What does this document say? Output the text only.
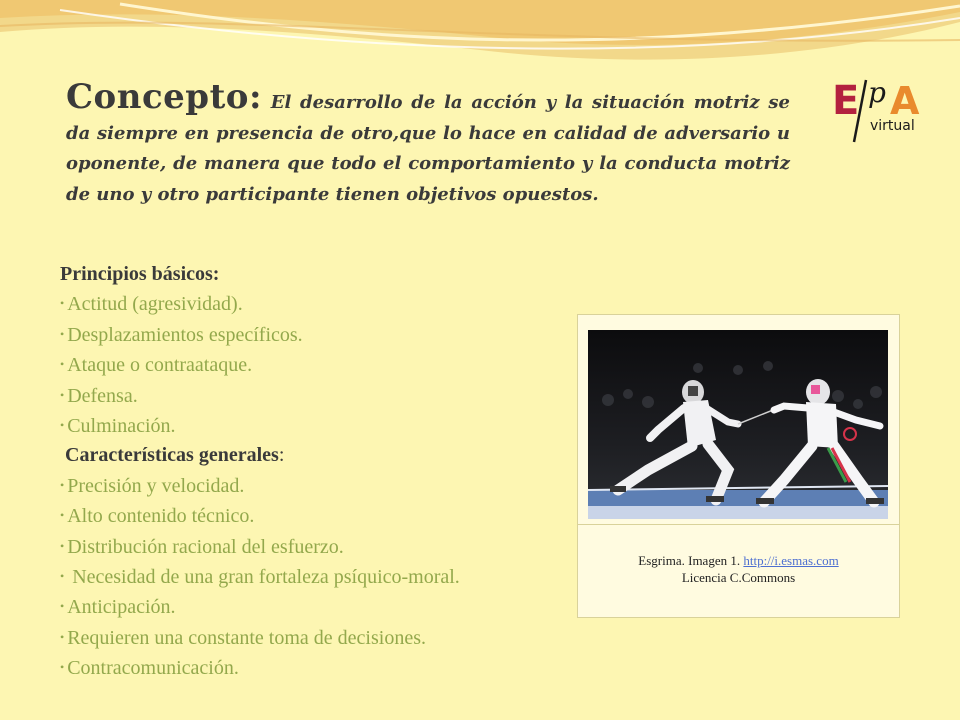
Concepto: El desarrollo de la acción y la situación motriz se da siempre en presencia de otro,que lo hace en calidad de adversario u oponente, de manera que todo el comportamiento y la conducta motriz de uno y otro participante tienen objetivos opuestos.
E p A
virtual
Principios básicos:
• Actitud (agresividad).
• Desplazamientos específicos.
• Ataque o contraataque.
• Defensa.
• Culminación.
Características generales:
• Precisión y velocidad.
• Alto contenido técnico.
• Distribución racional del esfuerzo.
• Necesidad de una gran fortaleza psíquico-moral.
• Anticipación.
• Requieren una constante toma de decisiones.
• Contracomunicación.
Esgrima. Imagen 1. http://i.esmas.com
Licencia C.Commons
